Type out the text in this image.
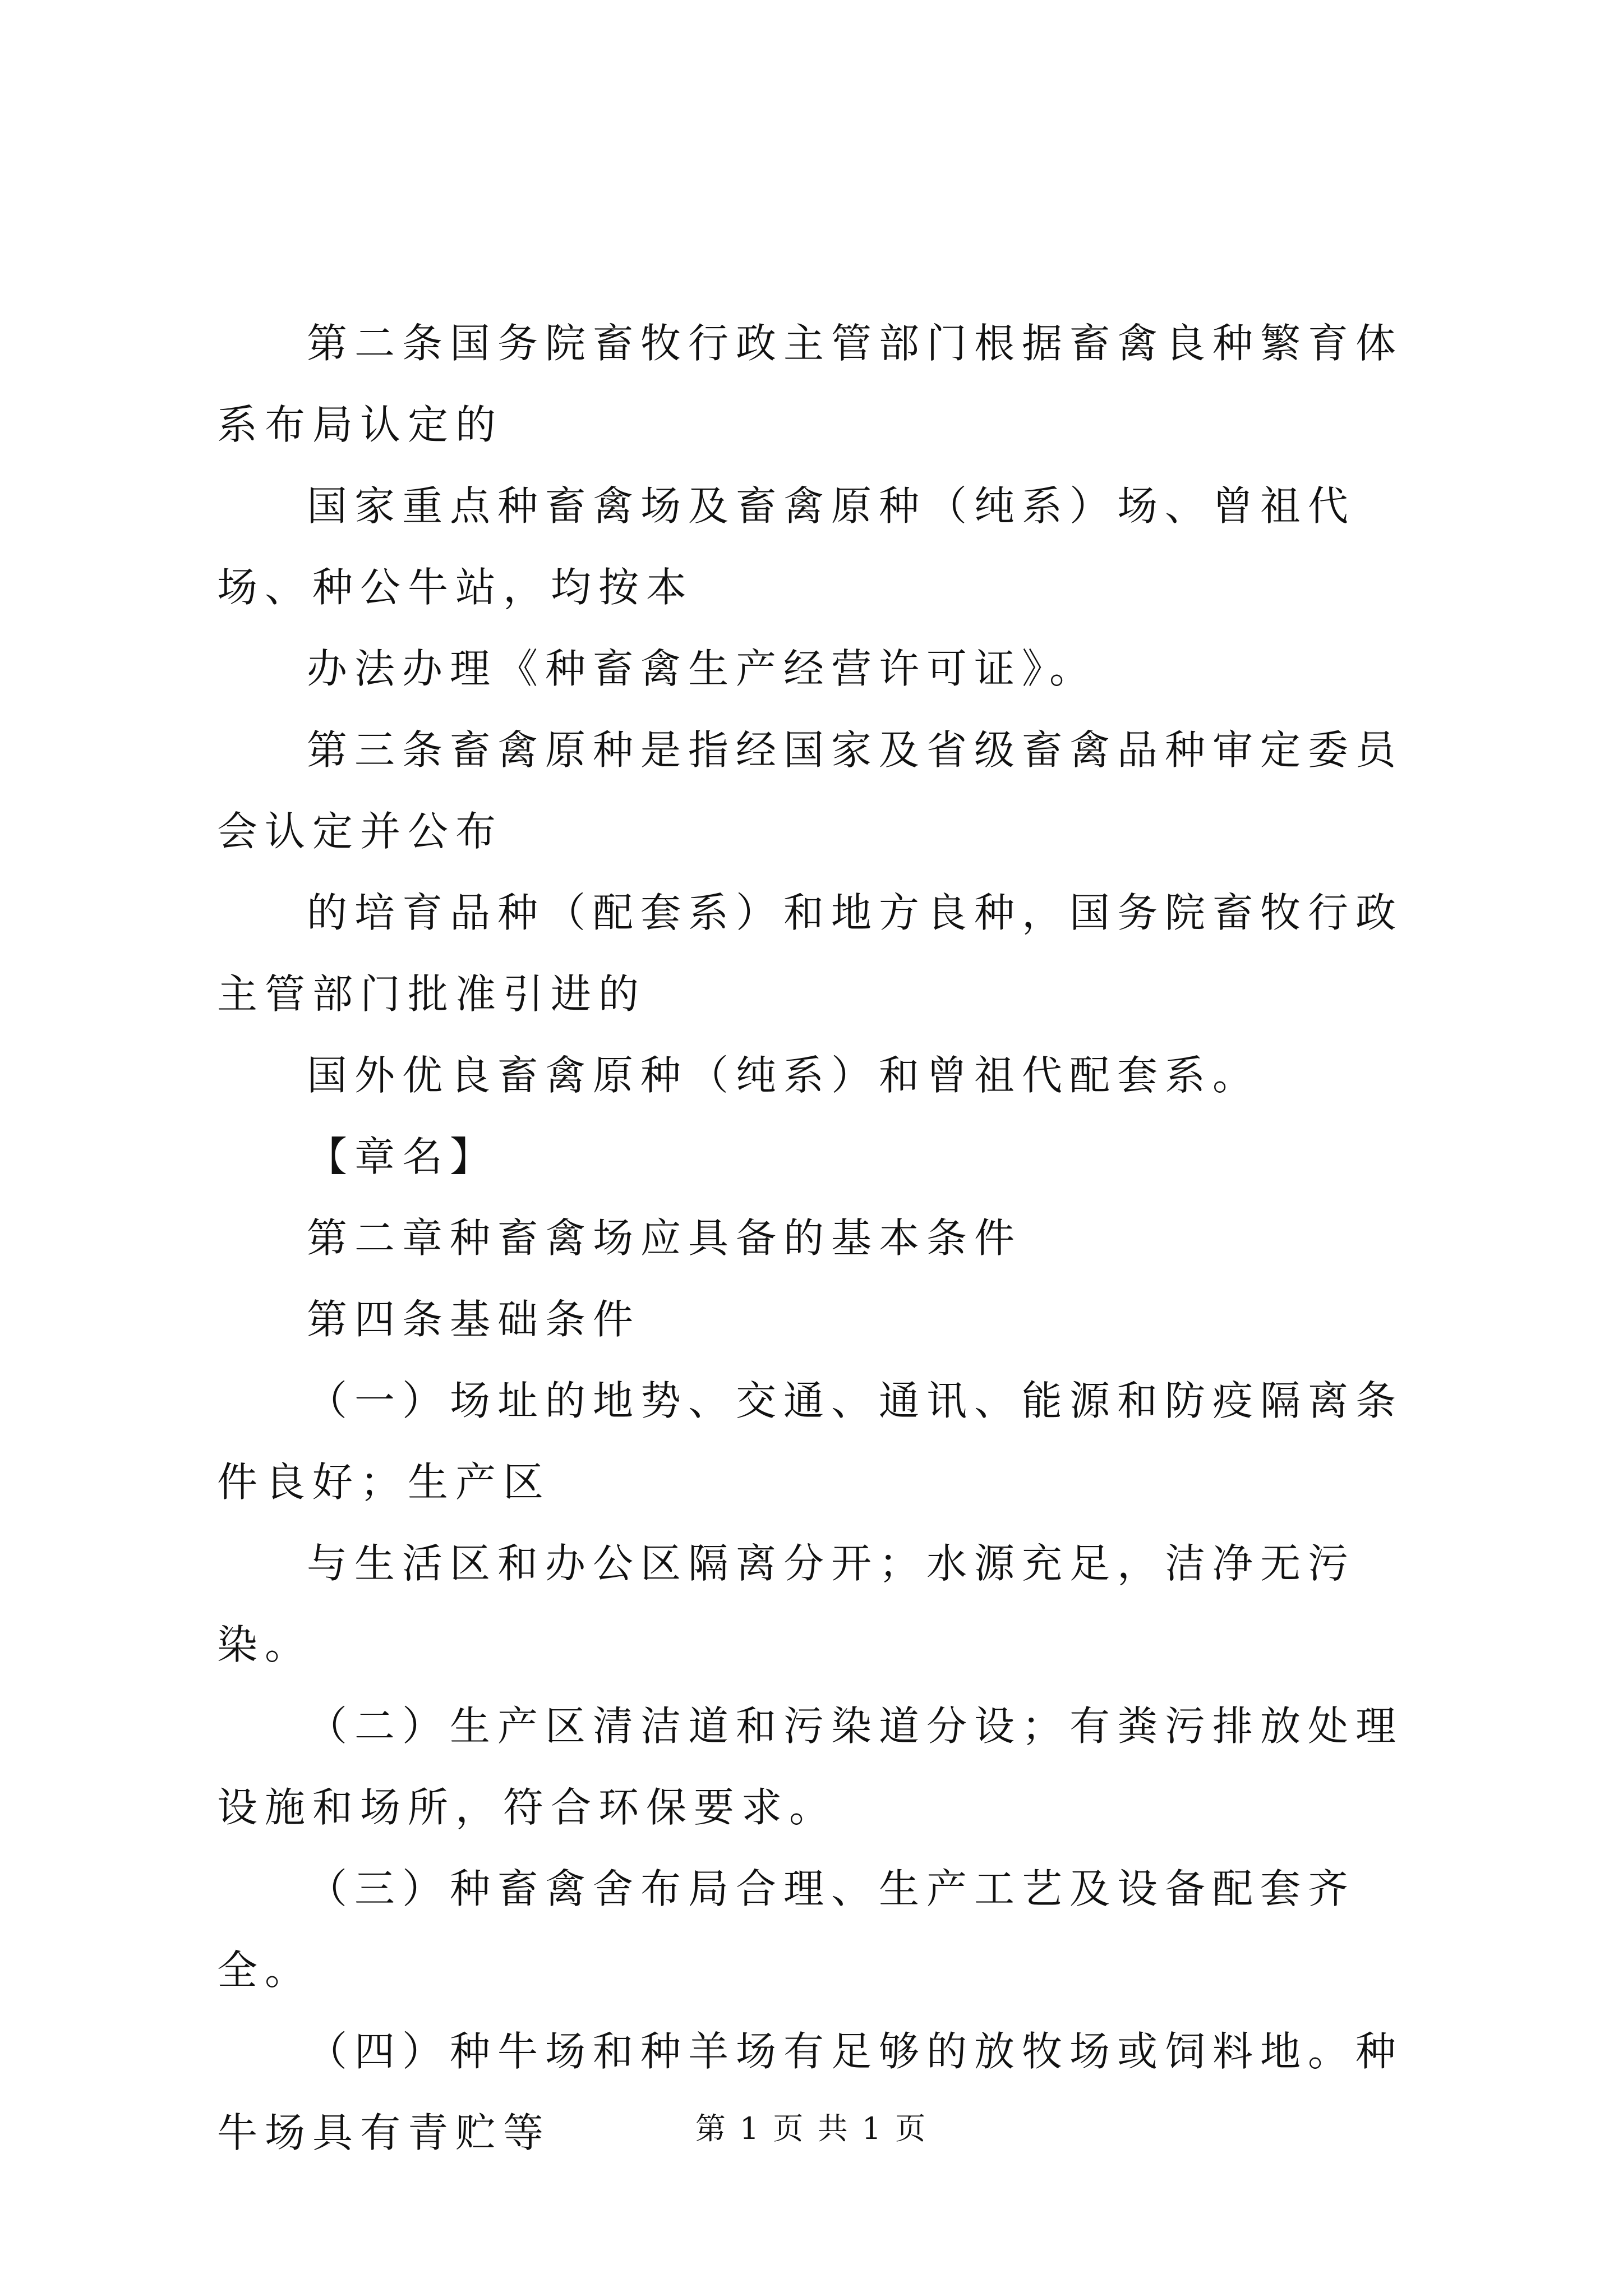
第二条国务院畜牧行政主管部门根据畜禽良种繁育体系布局认定的

国家重点种畜禽场及畜禽原种（纯系）场、曾祖代场、种公牛站，均按本

办法办理《种畜禽生产经营许可证》。

第三条畜禽原种是指经国家及省级畜禽品种审定委员会认定并公布

的培育品种（配套系）和地方良种，国务院畜牧行政主管部门批准引进的

国外优良畜禽原种（纯系）和曾祖代配套系。

【章名】

第二章种畜禽场应具备的基本条件

第四条基础条件

（一）场址的地势、交通、通讯、能源和防疫隔离条件良好；生产区

与生活区和办公区隔离分开；水源充足，洁净无污染。

（二）生产区清洁道和污染道分设；有粪污排放处理设施和场所，符合环保要求。

（三）种畜禽舍布局合理、生产工艺及设备配套齐全。

（四）种牛场和种羊场有足够的放牧场或饲料地。种牛场具有青贮等	第 1 页 共 1 页
